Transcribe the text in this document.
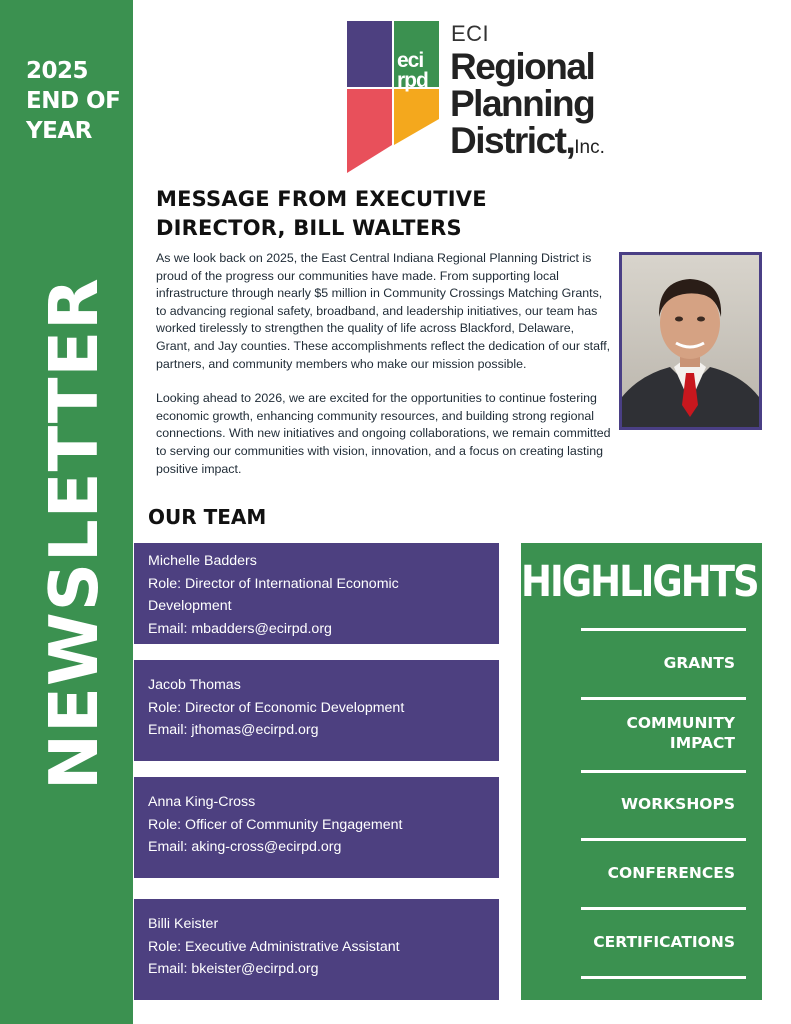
2025
END OF
YEAR
NEWSLETTER
eci
rpd
ECI
Regional
Planning
District,Inc.
MESSAGE FROM EXECUTIVE
DIRECTOR, BILL WALTERS

As we look back on 2025, the East Central Indiana Regional Planning District is proud of the progress our communities have made. From supporting local infrastructure through nearly $5 million in Community Crossings Matching Grants, to advancing regional safety, broadband, and leadership initiatives, our team has worked tirelessly to strengthen the quality of life across Blackford, Delaware, Grant, and Jay counties. These accomplishments reflect the dedication of our staff, partners, and community members who make our mission possible.

Looking ahead to 2026, we are excited for the opportunities to continue fostering economic growth, enhancing community resources, and building strong regional connections. With new initiatives and ongoing collaborations, we remain committed to serving our communities with vision, innovation, and a focus on creating lasting positive impact.

OUR TEAM
Michelle Badders
Role: Director of International Economic
Development
Email: mbadders@ecirpd.org
Jacob Thomas
Role: Director of Economic Development
Email: jthomas@ecirpd.org
Anna King-Cross
Role: Officer of Community Engagement
Email: aking-cross@ecirpd.org
Billi Keister
Role: Executive Administrative Assistant
Email: bkeister@ecirpd.org
HIGHLIGHTS
GRANTS
COMMUNITY
IMPACT
WORKSHOPS
CONFERENCES
CERTIFICATIONS
